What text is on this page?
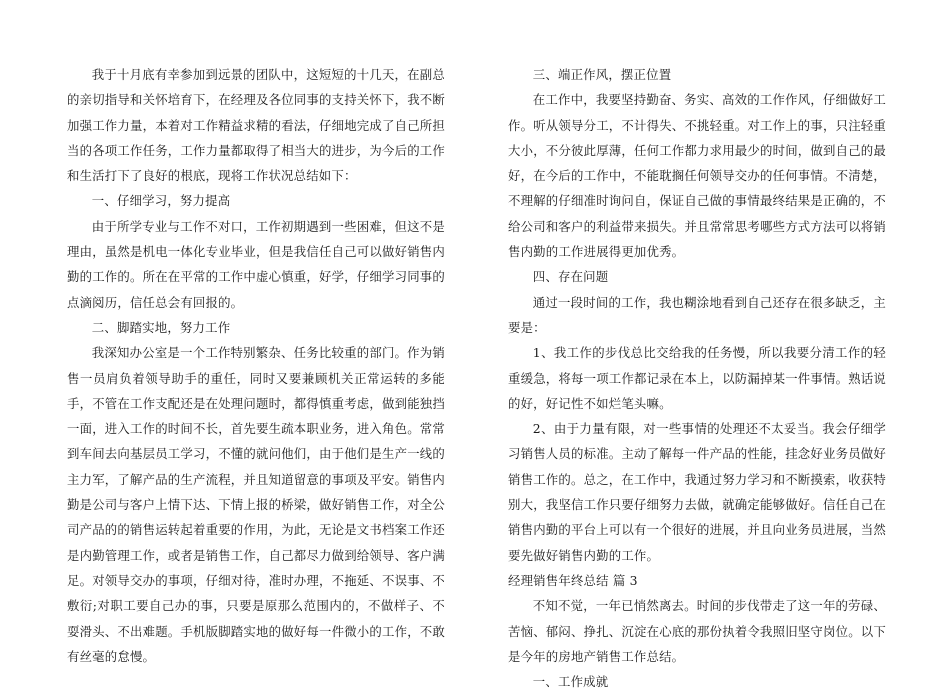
我于十月底有幸参加到远景的团队中，这短短的十几天，在副总的亲切指导和关怀培育下，在经理及各位同事的支持关怀下，我不断加强工作力量，本着对工作精益求精的看法，仔细地完成了自己所担当的各项工作任务，工作力量都取得了相当大的进步，为今后的工作和生活打下了良好的根底，现将工作状况总结如下：

一、仔细学习，努力提高

由于所学专业与工作不对口，工作初期遇到一些困难，但这不是理由，虽然是机电一体化专业毕业，但是我信任自己可以做好销售内勤的工作的。所在在平常的工作中虚心慎重，好学，仔细学习同事的点滴阅历，信任总会有回报的。

二、脚踏实地，努力工作

我深知办公室是一个工作特别繁杂、任务比较重的部门。作为销售一员肩负着领导助手的重任，同时又要兼顾机关正常运转的多能手，不管在工作支配还是在处理问题时，都得慎重考虑，做到能独挡一面，进入工作的时间不长，首先要生疏本职业务，进入角色。常常到车间去向基层员工学习，不懂的就问他们，由于他们是生产一线的主力军，了解产品的生产流程，并且知道留意的事项及平安。销售内勤是公司与客户上情下达、下情上报的桥梁，做好销售工作，对全公司产品的的销售运转起着重要的作用，为此，无论是文书档案工作还是内勤管理工作，或者是销售工作，自己都尽力做到给领导、客户满足。对领导交办的事项，仔细对待，准时办理，不拖延、不误事、不敷衍;对职工要自己办的事，只要是原那么范围内的，不做样子、不耍滑头、不出难题。手机版脚踏实地的做好每一件微小的工作，不敢有丝毫的怠慢。

三、端正作风，摆正位置

在工作中，我要坚持勤奋、务实、高效的工作作风，仔细做好工作。听从领导分工，不计得失、不挑轻重。对工作上的事，只注轻重大小，不分彼此厚薄，任何工作都力求用最少的时间，做到自己的最好，在今后的工作中，不能耽搁任何领导交办的任何事情。不清楚，不理解的仔细准时询问自，保证自己做的事情最终结果是正确的，不给公司和客户的利益带来损失。并且常常思考哪些方式方法可以将销售内勤的工作进展得更加优秀。

四、存在问题

通过一段时间的工作，我也糊涂地看到自己还存在很多缺乏，主要是：

1、我工作的步伐总比交给我的任务慢，所以我要分清工作的轻重缓急，将每一项工作都记录在本上，以防漏掉某一件事情。熟话说的好，好记性不如烂笔头嘛。

2、由于力量有限，对一些事情的处理还不太妥当。我会仔细学习销售人员的标准。主动了解每一件产品的性能，挂念好业务员做好销售工作的。总之，在工作中，我通过努力学习和不断摸索，收获特别大，我坚信工作只要仔细努力去做，就确定能够做好。信任自己在销售内勤的平台上可以有一个很好的进展，并且向业务员进展，当然要先做好销售内勤的工作。

经理销售年终总结 篇 3

不知不觉，一年已悄然离去。时间的步伐带走了这一年的劳碌、苦恼、郁闷、挣扎、沉淀在心底的那份执着令我照旧坚守岗位。以下是今年的房地产销售工作总结。

一、工作成就
